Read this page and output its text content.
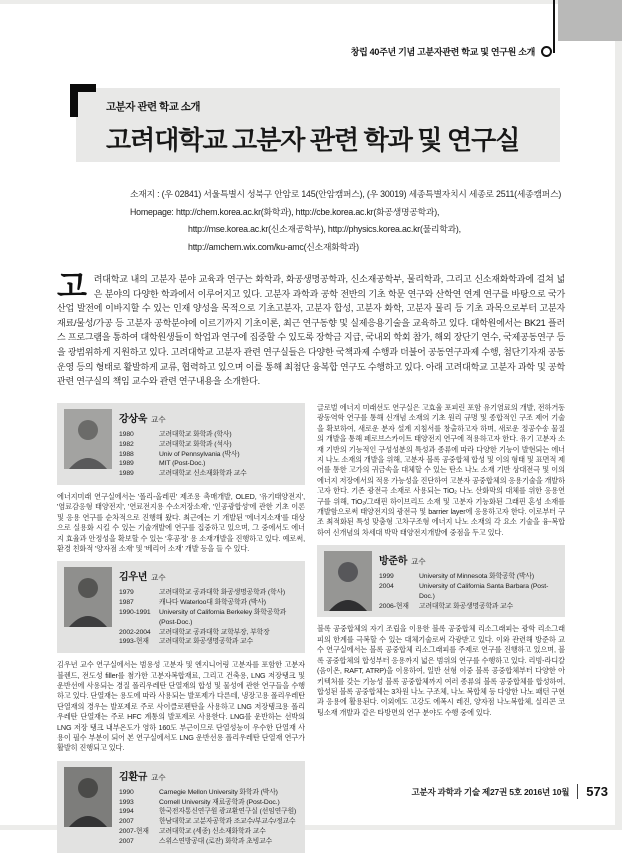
창립 40주년 기념 고분자관련 학교 및 연구원 소개
고분자 관련 학교 소개
고려대학교 고분자 관련 학과 및 연구실
소재지 : (우 02841) 서울특별시 성북구 안암로 145(안암캠퍼스), (우 30019) 세종특별자치시 세종로 2511(세종캠퍼스)
Homepage: http://chem.korea.ac.kr(화학과), http://cbe.korea.ac.kr(화공생명공학과),
http://mse.korea.ac.kr(신소재공학부), http://physics.korea.ac.kr(물리학과),
http://amchem.wix.com/ku-amc(신소재화학과)
고려대학교 내의 고분자 분야 교육과 연구는 화학과, 화공생명공학과, 신소재공학부, 물리학과, 그리고 신소재화학과에 걸쳐 넓은 분야의 다양한 학과에서 이루어지고 있다. 고분자 과학과 공학 전반의 기초 학문 연구와 산학연 연계 연구를 바탕으로 국가 산업 발전에 이바지할 수 있는 인재 양성을 목적으로 기초고분자, 고분자 합성, 고분자 화학, 고분자 물리 등 기초 과목으로부터 고분자 재료/물성/가공 등 고분자 공학분야에 이르기까지 기초이론, 최근 연구동향 및 실제응용기술을 교육하고 있다. 대학원에서는 BK21 플러스 프로그램을 통하여 대학원생들이 학업과 연구에 집중할 수 있도록 장학금 지급, 국내외 학회 참가, 해외 장단기 연수, 국제공동연구 등을 광범위하게 지원하고 있다. 고려대학교 고분자 관련 연구실들은 다양한 국책과제 수행과 더불어 공동연구과제 수행, 첨단기자재 공동운영 등의 형태로 활발하게 교류, 협력하고 있으며 이를 통해 최첨단 융복합 연구도 수행하고 있다. 아래 고려대학교 고분자 과학 및 공학 관련 연구실의 책임 교수와 관련 연구내용을 소개한다.
강상욱 교수
1980	고려대학교 화학과 (학사)
1982	고려대학교 화학과 (석사)
1988	Univ of Pennsylvania (박사)
1989	MIT (Post-Doc.)
1989	고려대학교 신소재화학과 교수
에너지미래 연구실에서는 '폴리-올레핀' 제조용 촉매개발, OLED, '유기태양전지', '염료감응형 태양전지', '연료전지용 수소저장소재', '인공광합성'에 관한 기초 이론 및 응용 연구를 순차적으로 진행해 왔다. 최근에는 기 개발된 '에너지소재'를 대상으로 실용화 시킬 수 있는 기술개발에 연구를 집중하고 있으며, 그 중에서도 에너지 효율과 안정성을 확보할 수 있는 '후공정' 용 소재개발을 진행하고 있다. 예로써, 환경 친화적 '양자점 소재' 및 '베리어 소재' 개발 등을 들 수 있다.
김우년 교수
1979	고려대학교 공과대학 화공생명공학과 (학사)
1987	캐나다 Waterloo대 화학공학과 (박사)
1990-1991	University of California Berkeley 화학공학과 (Post-Doc.)
2002-2004	고려대학교 공과대학 교학부장, 부학장
1993-현재	고려대학교 화공생명공학과 교수
김우년 교수 연구실에서는 범용성 고분자 및 엔지니어링 고분자를 포함한 고분자블렌드, 전도성 filler를 첨가한 고분자복합재료, 그리고 건축용, LNG 저장탱크 및 운반선에 사용되는 경질 폴리우레탄 단열재의 합성 및 물성에 관한 연구들을 수행하고 있다. 단열재는 용도에 따라 사용되는 발포제가 다른데, 냉장고용 폴리우레탄 단열재의 경우는 발포제로 주로 사이클로펜탄을 사용하고 LNG 저장탱크용 폴리우레탄 단열재는 주로 HFC 계통의 발포제로 사용한다. LNG를 운반하는 선박의 LNG 저장 탱크 내부온도가 영하 160도 부근이므로 단열성능이 우수한 단열재 사용이 필수 부분이 되어 본 연구실에서도 LNG 운반선용 폴리우레탄 단열재 연구가 활발히 진행되고 있다.
김환규 교수
1990	Carnegie Mellon University 화학과 (박사)
1993	Cornell University 재료공학과 (Post-Doc.)
1994	한국전자통신연구원 광교환연구실 (선임연구원)
2007	한남대학교 고분자공학과 조교수/부교수/정교수
2007-현재	고려대학교 (세종) 신소재화학과 교수
2007	스위스연방공대 (로잔) 화학과 초빙교수
글로벌 에너지 미래선도 연구실은 고효율 포피린 포함 유기염료의 개발, 전하거동 광동역학 연구를 통해 신개념 소재의 기초 원리 규명 및 종합적인 구조 제어 기술을 확보하여, 새로운 분자 설계 지침서를 창출하고자 하며, 새로운 정공수송 물질의 개발을 통해 페로브스카이트 태양전지 연구에 적용하고자 한다. 유기 고분자 소재 기반의 기능적인 구성성분의 특성과 종류에 따라 다양한 기능이 발현되는 에너지 나노 소재의 개발을 위해, 고분자 블록 공중합체 합성 및 이의 형태 및 표면적 제어를 통한 고가의 귀금속을 대체할 수 있는 탄소 나노 소재 기반 상대전극 및 이의 에너지 저장에서의 적용 가능성을 진단하여 고분자 공중합체의 응용기술을 개발하고자 한다. 기존 광전극 소재로 사용되는 TiO₂ 나노 산화막의 대체를 위한 응용연구를 위해, TiO₂/그래핀 하이브리드 소재 및 고분자 기능화된 그래핀 혼성 소재를 개발함으로써 태양전지의 광전극 및 barrier layer에 응용하고자 한다. 이로부터 구조 최적화된 특성 맞춤형 고차구조형 에너지 나노 소재의 각 요소 기술을 융-복합하여 신개념의 차세대 박막 태양전지개발에 중점을 두고 있다.
방준하 교수
1999	University of Minnesota 화학공학 (박사)
2004	University of California Santa Barbara (Post-Doc.)
2006-현재	고려대학교 화공생명공학과 교수
블록 공중합체의 자기 조립을 이용한 블록 공중합체 리소그래피는 광학 리소그래피의 한계를 극복할 수 있는 대체기술로써 각광받고 있다. 이와 관련해 방준하 교수 연구실에서는 블록 공중합체 리소그래피를 주제로 연구를 진행하고 있으며, 블록 공중합체의 합성부터 응용까지 넓은 범위의 연구를 수행하고 있다. 리빙-라디칼(음이온, RAFT, ATRP)을 이용하여, 일반 선형 이중 블록 공중합체부터 다양한 아키텍처를 갖는 기능성 블록 공중합체까지 여러 종류의 블록 공중합체를 합성하여, 합성된 블록 공중합체는 3차원 나노 구조체, 나노 복합체 등 다양한 나노 패턴 구현과 응용에 활용된다. 이외에도 고강도 에폭시 레진, 양자점 나노복합체, 실리콘 코팅소재 개발과 같은 타방면의 연구 분야도 수행 중에 있다.
고분자 과학과 기술 제27권 5호 2016년 10월 573
